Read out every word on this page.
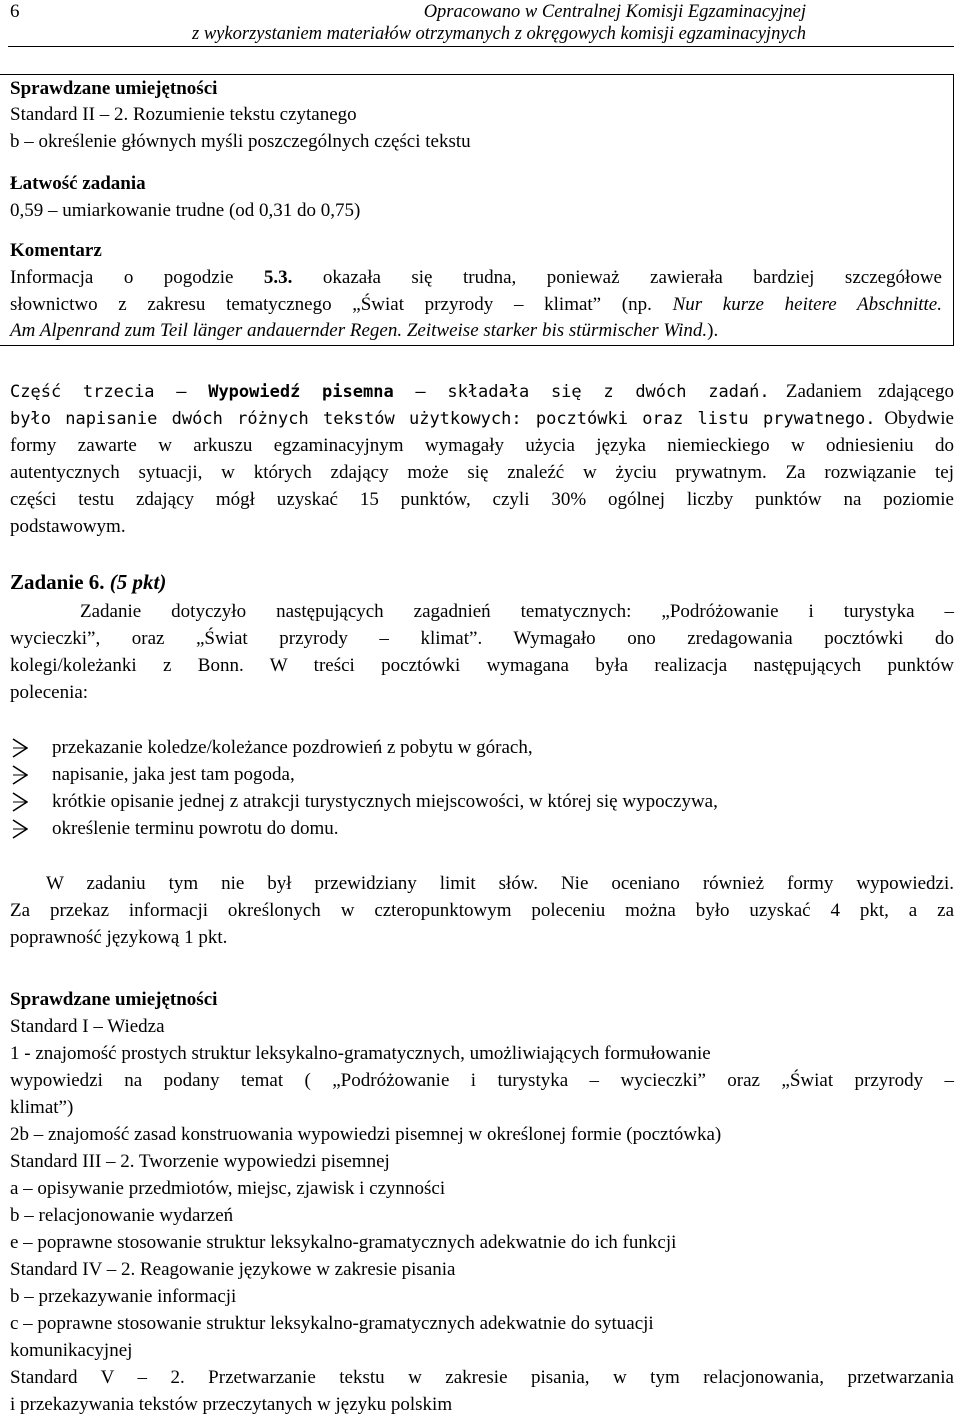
6	Opracowano w Centralnej Komisji Egzaminacyjnej
z wykorzystaniem materiałów otrzymanych z okręgowych komisji egzaminacyjnych
Sprawdzane umiejętności
Standard II – 2. Rozumienie tekstu czytanego
b – określenie głównych myśli poszczególnych części tekstu
Łatwość zadania
0,59 – umiarkowanie trudne (od 0,31 do 0,75)
Komentarz
Informacja o pogodzie 5.3. okazała się trudna, ponieważ zawierała bardziej szczegółowe
słownictwo z zakresu tematycznego „Świat przyrody – klimat” (np. Nur kurze heitere Abschnitte.
Am Alpenrand zum Teil länger andauernder Regen. Zeitweise starker bis stürmischer Wind.).
Część trzecia – Wypowiedź pisemna – składała się z dwóch zadań. Zadaniem zdającego
było napisanie dwóch różnych tekstów użytkowych: pocztówki oraz listu prywatnego. Obydwie
formy zawarte w arkuszu egzaminacyjnym wymagały użycia języka niemieckiego w odniesieniu do
autentycznych sytuacji, w których zdający może się znaleźć w życiu prywatnym. Za rozwiązanie tej
części testu zdający mógł uzyskać 15 punktów, czyli 30% ogólnej liczby punktów na poziomie
podstawowym.
Zadanie 6. (5 pkt)
Zadanie dotyczyło następujących zagadnień tematycznych: „Podróżowanie i turystyka –
wycieczki”, oraz „Świat przyrody – klimat”. Wymagało ono zredagowania pocztówki do
kolegi/koleżanki z Bonn. W treści pocztówki wymagana była realizacja następujących punktów
polecenia:
przekazanie koledze/koleżance pozdrowień z pobytu w górach,
napisanie, jaka jest tam pogoda,
krótkie opisanie jednej z atrakcji turystycznych miejscowości, w której się wypoczywa,
określenie terminu powrotu do domu.
W zadaniu tym nie był przewidziany limit słów. Nie oceniano również formy wypowiedzi.
Za przekaz informacji określonych w czteropunktowym poleceniu można było uzyskać 4 pkt, a za
poprawność językową 1 pkt.
Sprawdzane umiejętności
Standard I – Wiedza
1 - znajomość prostych struktur leksykalno-gramatycznych, umożliwiających formułowanie
wypowiedzi na podany temat ( „Podróżowanie i turystyka – wycieczki” oraz „Świat przyrody –
klimat”)
2b – znajomość zasad konstruowania wypowiedzi pisemnej w określonej formie (pocztówka)
Standard III – 2. Tworzenie wypowiedzi pisemnej
a – opisywanie przedmiotów, miejsc, zjawisk i czynności
b – relacjonowanie wydarzeń
e – poprawne stosowanie struktur leksykalno-gramatycznych adekwatnie do ich funkcji
Standard IV – 2. Reagowanie językowe w zakresie pisania
b – przekazywanie informacji
c – poprawne stosowanie struktur leksykalno-gramatycznych adekwatnie do sytuacji
komunikacyjnej
Standard V – 2. Przetwarzanie tekstu w zakresie pisania, w tym relacjonowania, przetwarzania
i przekazywania tekstów przeczytanych w języku polskim
